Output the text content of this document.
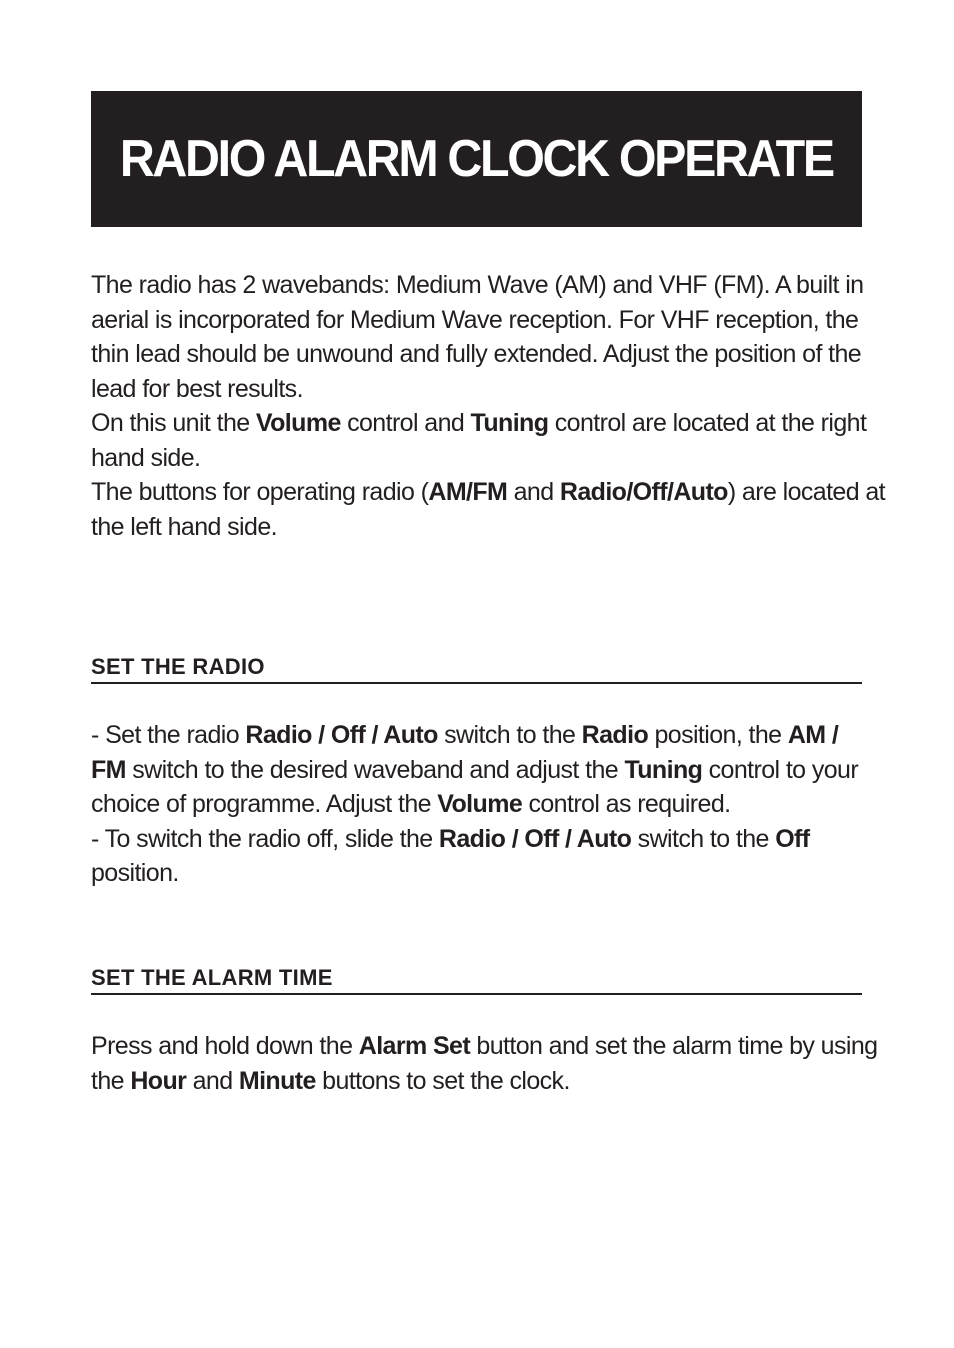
RADIO ALARM CLOCK OPERATE

The radio has 2 wavebands: Medium Wave (AM) and VHF (FM). A built in
aerial is incorporated for Medium Wave reception. For VHF reception, the
thin lead should be unwound and fully extended. Adjust the position of the
lead for best results.
On this unit the Volume control and Tuning control are located at the right
hand side.
The buttons for operating radio (AM/FM and Radio/Off/Auto) are located at
the left hand side.

SET THE RADIO

- Set the radio Radio / Off / Auto switch to the Radio position, the AM /
FM switch to the desired waveband and adjust the Tuning control to your
choice of programme. Adjust the Volume control as required.
- To switch the radio off, slide the Radio / Off / Auto switch to the Off
position.

SET THE ALARM TIME

Press and hold down the Alarm Set button and set the alarm time by using
the Hour and Minute buttons to set the clock.
